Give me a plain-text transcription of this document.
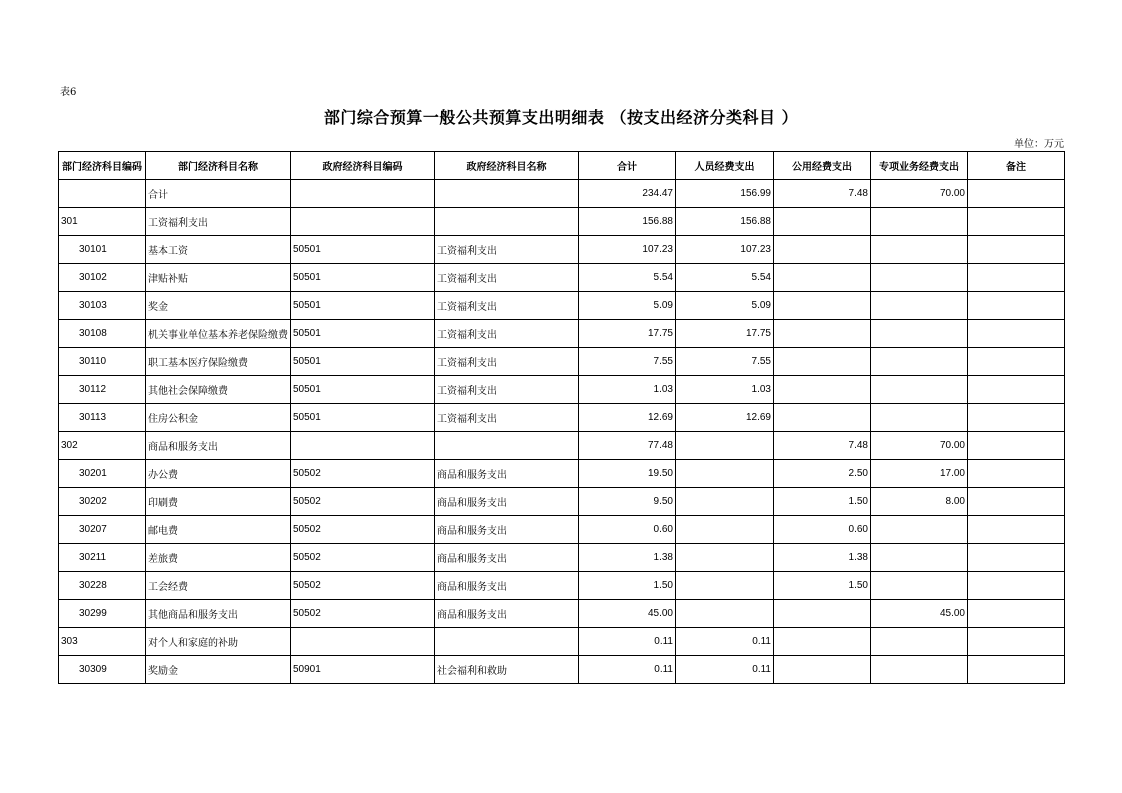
表6
部门综合预算一般公共预算支出明细表 （按支出经济分类科目 ）
单位：万元
部门经济科目编码	部门经济科目名称	政府经济科目编码	政府经济科目名称	合计	人员经费支出	公用经费支出	专项业务经费支出	备注
	合计			234.47	156.99	7.48	70.00	
301	工资福利支出			156.88	156.88			
30101	基本工资	50501	工资福利支出	107.23	107.23			
30102	津贴补贴	50501	工资福利支出	5.54	5.54			
30103	奖金	50501	工资福利支出	5.09	5.09			
30108	机关事业单位基本养老保险缴费	50501	工资福利支出	17.75	17.75			
30110	职工基本医疗保险缴费	50501	工资福利支出	7.55	7.55			
30112	其他社会保障缴费	50501	工资福利支出	1.03	1.03			
30113	住房公积金	50501	工资福利支出	12.69	12.69			
302	商品和服务支出			77.48		7.48	70.00	
30201	办公费	50502	商品和服务支出	19.50		2.50	17.00	
30202	印刷费	50502	商品和服务支出	9.50		1.50	8.00	
30207	邮电费	50502	商品和服务支出	0.60		0.60		
30211	差旅费	50502	商品和服务支出	1.38		1.38		
30228	工会经费	50502	商品和服务支出	1.50		1.50		
30299	其他商品和服务支出	50502	商品和服务支出	45.00			45.00	
303	对个人和家庭的补助			0.11	0.11			
30309	奖励金	50901	社会福利和救助	0.11	0.11			
